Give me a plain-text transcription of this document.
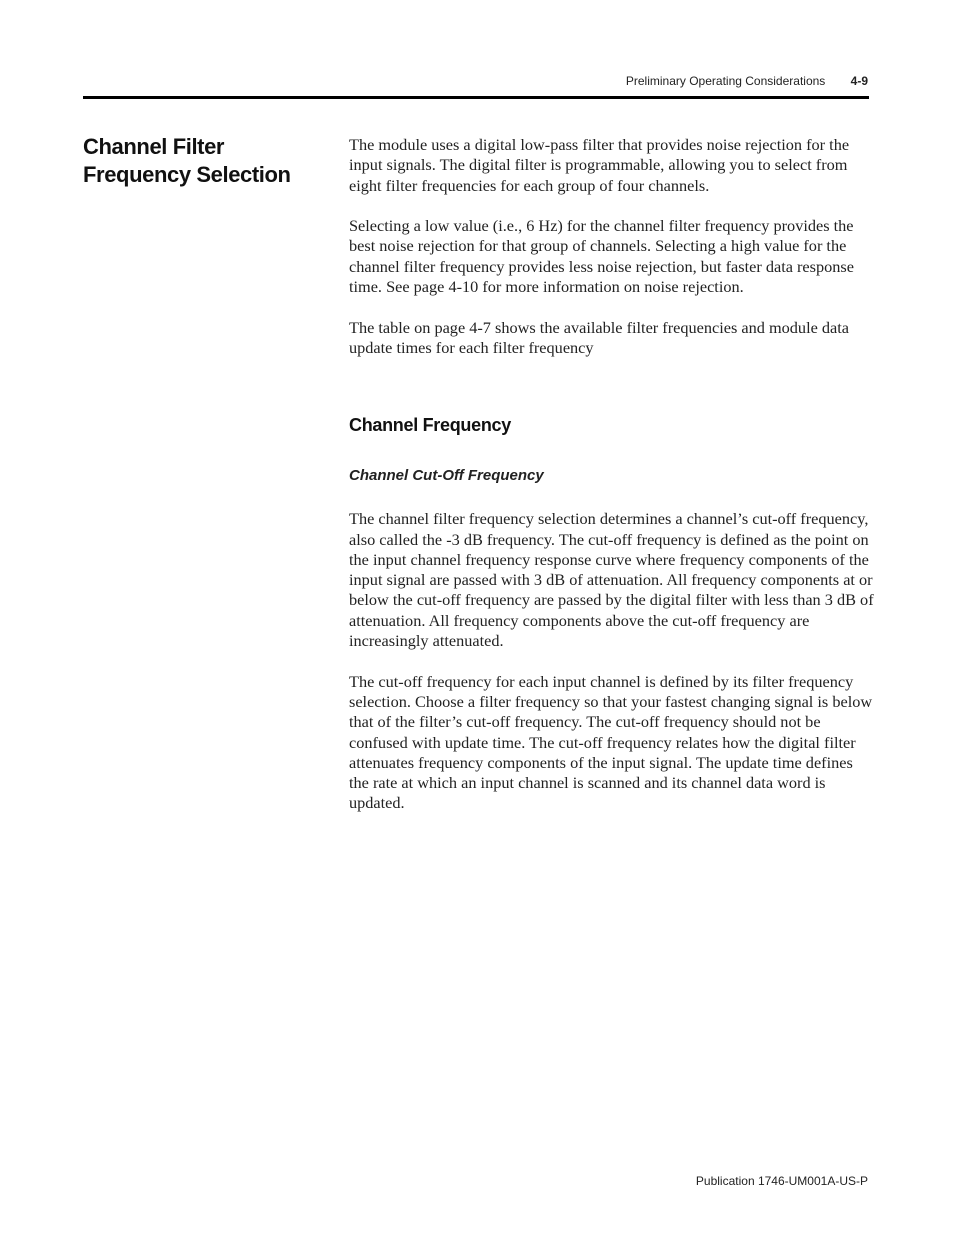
Preliminary Operating Considerations 4-9
Channel Filter Frequency Selection

The module uses a digital low-pass filter that provides noise rejection for the input signals. The digital filter is programmable, allowing you to select from eight filter frequencies for each group of four channels.

Selecting a low value (i.e., 6 Hz) for the channel filter frequency provides the best noise rejection for that group of channels. Selecting a high value for the channel filter frequency provides less noise rejection, but faster data response time. See page 4-10 for more information on noise rejection.

The table on page 4-7 shows the available filter frequencies and module data update times for each filter frequency

Channel Frequency
Channel Cut-Off Frequency

The channel filter frequency selection determines a channel’s cut-off frequency, also called the -3 dB frequency. The cut-off frequency is defined as the point on the input channel frequency response curve where frequency components of the input signal are passed with 3 dB of attenuation. All frequency components at or below the cut-off frequency are passed by the digital filter with less than 3 dB of attenuation. All frequency components above the cut-off frequency are increasingly attenuated.

The cut-off frequency for each input channel is defined by its filter frequency selection. Choose a filter frequency so that your fastest changing signal is below that of the filter’s cut-off frequency. The cut-off frequency should not be confused with update time. The cut-off frequency relates how the digital filter attenuates frequency components of the input signal. The update time defines the rate at which an input channel is scanned and its channel data word is updated.

Publication 1746-UM001A-US-P
